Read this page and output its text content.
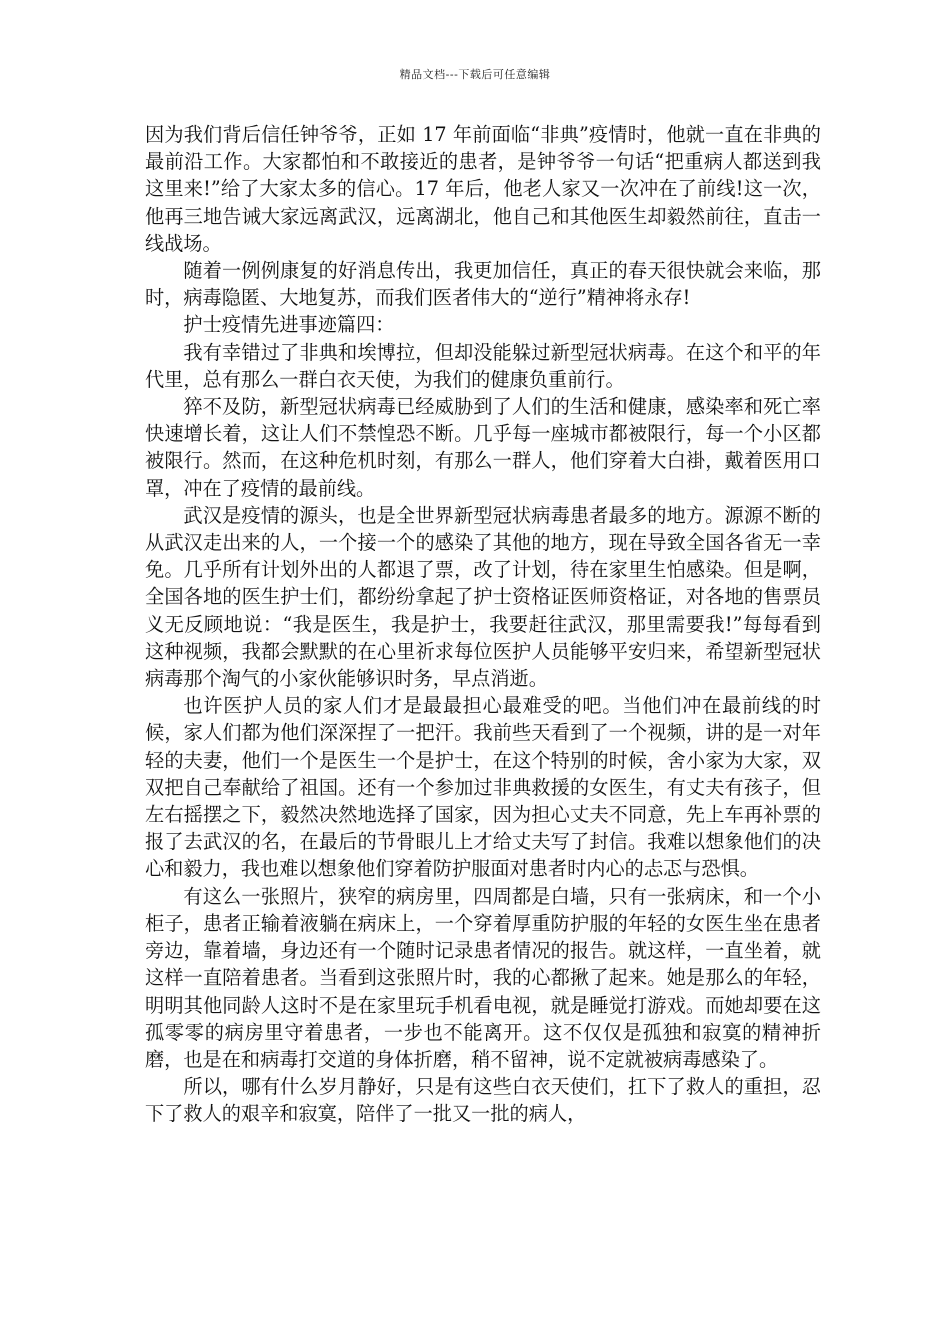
精品文档---下载后可任意编辑

因为我们背后信任钟爷爷，正如 17 年前面临“非典”疫情时，他就一直在非典的最前沿工作。大家都怕和不敢接近的患者，是钟爷爷一句话“把重病人都送到我这里来!”给了大家太多的信心。17 年后，他老人家又一次冲在了前线!这一次，他再三地告诫大家远离武汉，远离湖北，他自己和其他医生却毅然前往，直击一线战场。

随着一例例康复的好消息传出，我更加信任，真正的春天很快就会来临，那时，病毒隐匿、大地复苏，而我们医者伟大的“逆行”精神将永存!

护士疫情先进事迹篇四：

我有幸错过了非典和埃博拉，但却没能躲过新型冠状病毒。在这个和平的年代里，总有那么一群白衣天使，为我们的健康负重前行。

猝不及防，新型冠状病毒已经威胁到了人们的生活和健康，感染率和死亡率快速增长着，这让人们不禁惶恐不断。几乎每一座城市都被限行，每一个小区都被限行。然而，在这种危机时刻，有那么一群人，他们穿着大白褂，戴着医用口罩，冲在了疫情的最前线。

武汉是疫情的源头，也是全世界新型冠状病毒患者最多的地方。源源不断的从武汉走出来的人，一个接一个的感染了其他的地方，现在导致全国各省无一幸免。几乎所有计划外出的人都退了票，改了计划，待在家里生怕感染。但是啊，全国各地的医生护士们，都纷纷拿起了护士资格证医师资格证，对各地的售票员义无反顾地说：“我是医生，我是护士，我要赶往武汉，那里需要我!”每每看到这种视频，我都会默默的在心里祈求每位医护人员能够平安归来，希望新型冠状病毒那个淘气的小家伙能够识时务，早点消逝。

也许医护人员的家人们才是最最担心最难受的吧。当他们冲在最前线的时候，家人们都为他们深深捏了一把汗。我前些天看到了一个视频，讲的是一对年轻的夫妻，他们一个是医生一个是护士，在这个特别的时候，舍小家为大家，双双把自己奉献给了祖国。还有一个参加过非典救援的女医生，有丈夫有孩子，但左右摇摆之下，毅然决然地选择了国家，因为担心丈夫不同意，先上车再补票的报了去武汉的名，在最后的节骨眼儿上才给丈夫写了封信。我难以想象他们的决心和毅力，我也难以想象他们穿着防护服面对患者时内心的忐忑与恐惧。

有这么一张照片，狭窄的病房里，四周都是白墙，只有一张病床，和一个小柜子，患者正输着液躺在病床上，一个穿着厚重防护服的年轻的女医生坐在患者旁边，靠着墙，身边还有一个随时记录患者情况的报告。就这样，一直坐着，就这样一直陪着患者。当看到这张照片时，我的心都揪了起来。她是那么的年轻，明明其他同龄人这时不是在家里玩手机看电视，就是睡觉打游戏。而她却要在这孤零零的病房里守着患者，一步也不能离开。这不仅仅是孤独和寂寞的精神折磨，也是在和病毒打交道的身体折磨，稍不留神，说不定就被病毒感染了。

所以，哪有什么岁月静好，只是有这些白衣天使们，扛下了救人的重担，忍下了救人的艰辛和寂寞，陪伴了一批又一批的病人，
